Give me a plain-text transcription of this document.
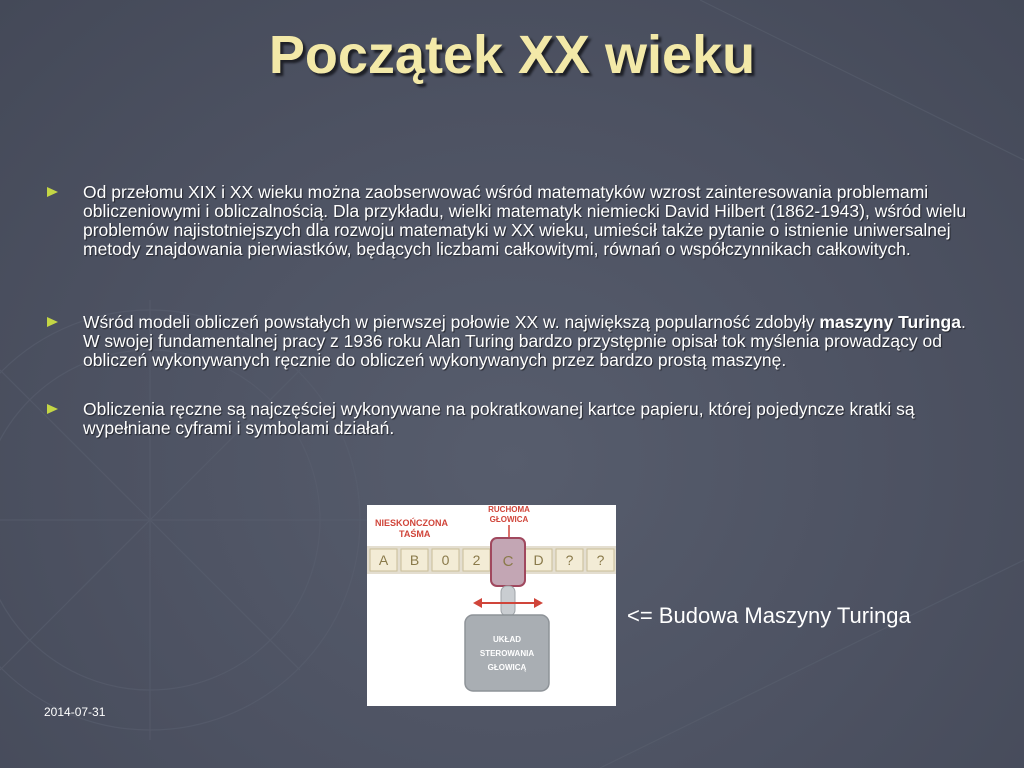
Początek XX wieku
Od przełomu XIX i XX wieku można zaobserwować wśród matematyków wzrost zainteresowania problemami obliczeniowymi i obliczalnością. Dla przykładu, wielki matematyk niemiecki David Hilbert (1862-1943), wśród wielu problemów najistotniejszych dla rozwoju matematyki w XX wieku, umieścił także pytanie o istnienie uniwersalnej metody znajdowania pierwiastków, będących liczbami całkowitymi, równań o współczynnikach całkowitych.
Wśród modeli obliczeń powstałych w pierwszej połowie XX w. największą popularność zdobyły maszyny Turinga. W swojej fundamentalnej pracy z 1936 roku Alan Turing bardzo przystępnie opisał tok myślenia prowadzący od obliczeń wykonywanych ręcznie do obliczeń wykonywanych przez bardzo prostą maszynę.
Obliczenia ręczne są najczęściej wykonywane na pokratkowanej kartce papieru, której pojedyncze kratki są wypełniane cyframi i symbolami działań.
NIESKOŃCZONA
TAŚMA
RUCHOMA
GŁOWICA
A B 0 2	D ? ?
C
UKŁAD
STEROWANIA
GŁOWICĄ
<= Budowa Maszyny Turinga
2014-07-31
